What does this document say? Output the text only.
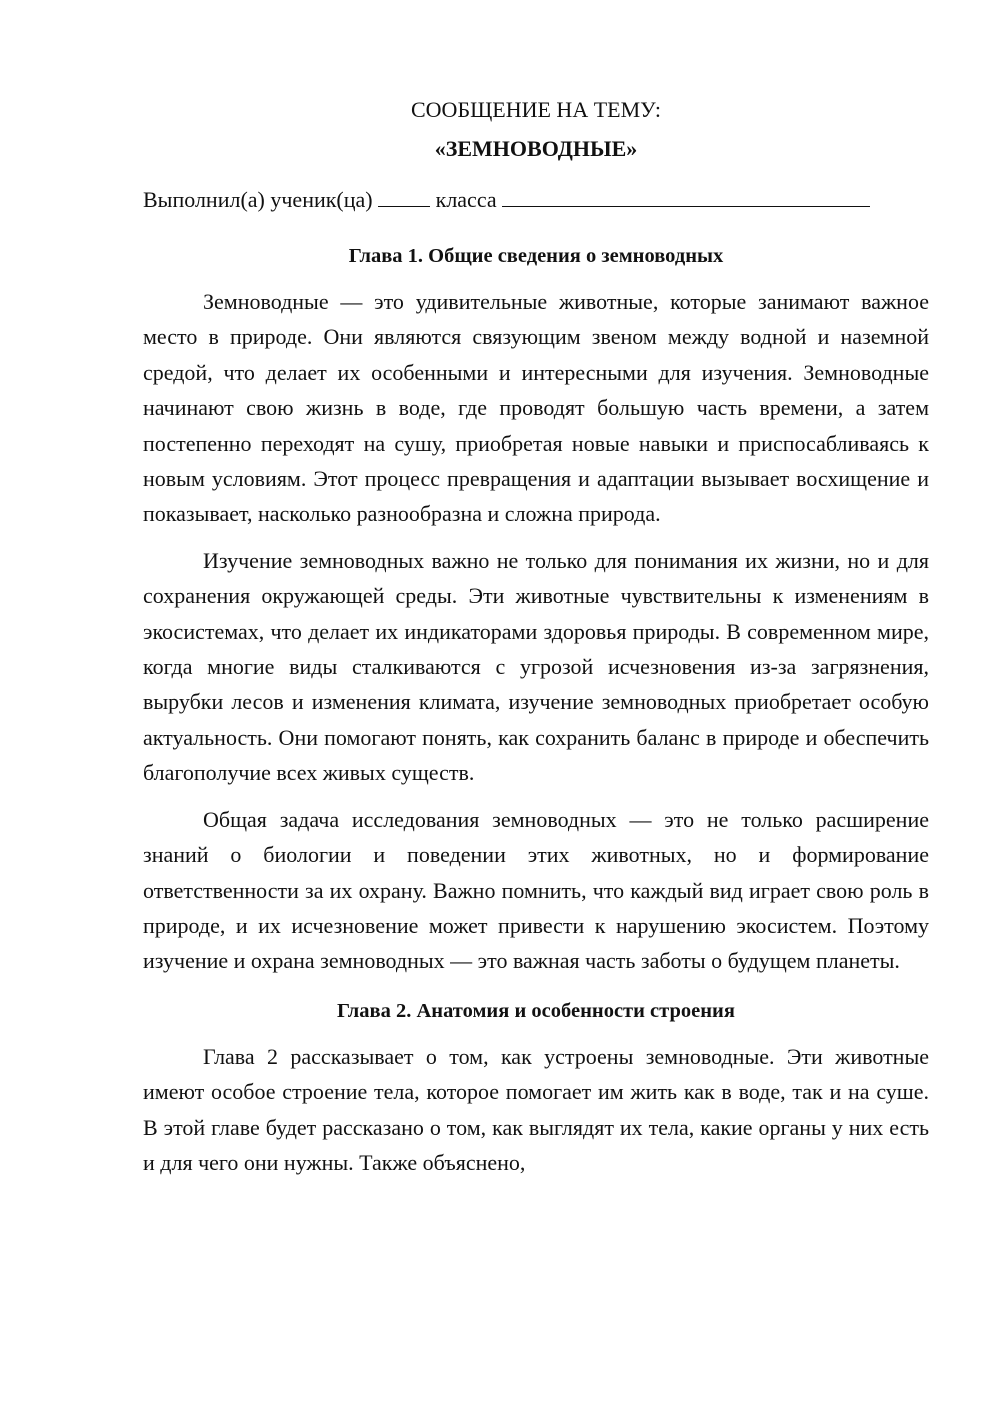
СООБЩЕНИЕ НА ТЕМУ:

«ЗЕМНОВОДНЫЕ»

Выполнил(а) ученик(ца)	класса

Глава 1. Общие сведения о земноводных

Земноводные — это удивительные животные, которые занимают важное место в природе. Они являются связующим звеном между водной и наземной средой, что делает их особенными и интересными для изучения. Земноводные начинают свою жизнь в воде, где проводят большую часть времени, а затем постепенно переходят на сушу, приобретая новые навыки и приспосабливаясь к новым условиям. Этот процесс превращения и адаптации вызывает восхищение и показывает, насколько разнообразна и сложна природа.

Изучение земноводных важно не только для понимания их жизни, но и для сохранения окружающей среды. Эти животные чувствительны к изменениям в экосистемах, что делает их индикаторами здоровья природы. В современном мире, когда многие виды сталкиваются с угрозой исчезновения из-за загрязнения, вырубки лесов и изменения климата, изучение земноводных приобретает особую актуальность. Они помогают понять, как сохранить баланс в природе и обеспечить благополучие всех живых существ.

Общая задача исследования земноводных — это не только расширение знаний о биологии и поведении этих животных, но и формирование ответственности за их охрану. Важно помнить, что каждый вид играет свою роль в природе, и их исчезновение может привести к нарушению экосистем. Поэтому изучение и охрана земноводных — это важная часть заботы о будущем планеты.

Глава 2. Анатомия и особенности строения

Глава 2 рассказывает о том, как устроены земноводные. Эти животные имеют особое строение тела, которое помогает им жить как в воде, так и на суше. В этой главе будет рассказано о том, как выглядят их тела, какие органы у них есть и для чего они нужны. Также объяснено,
